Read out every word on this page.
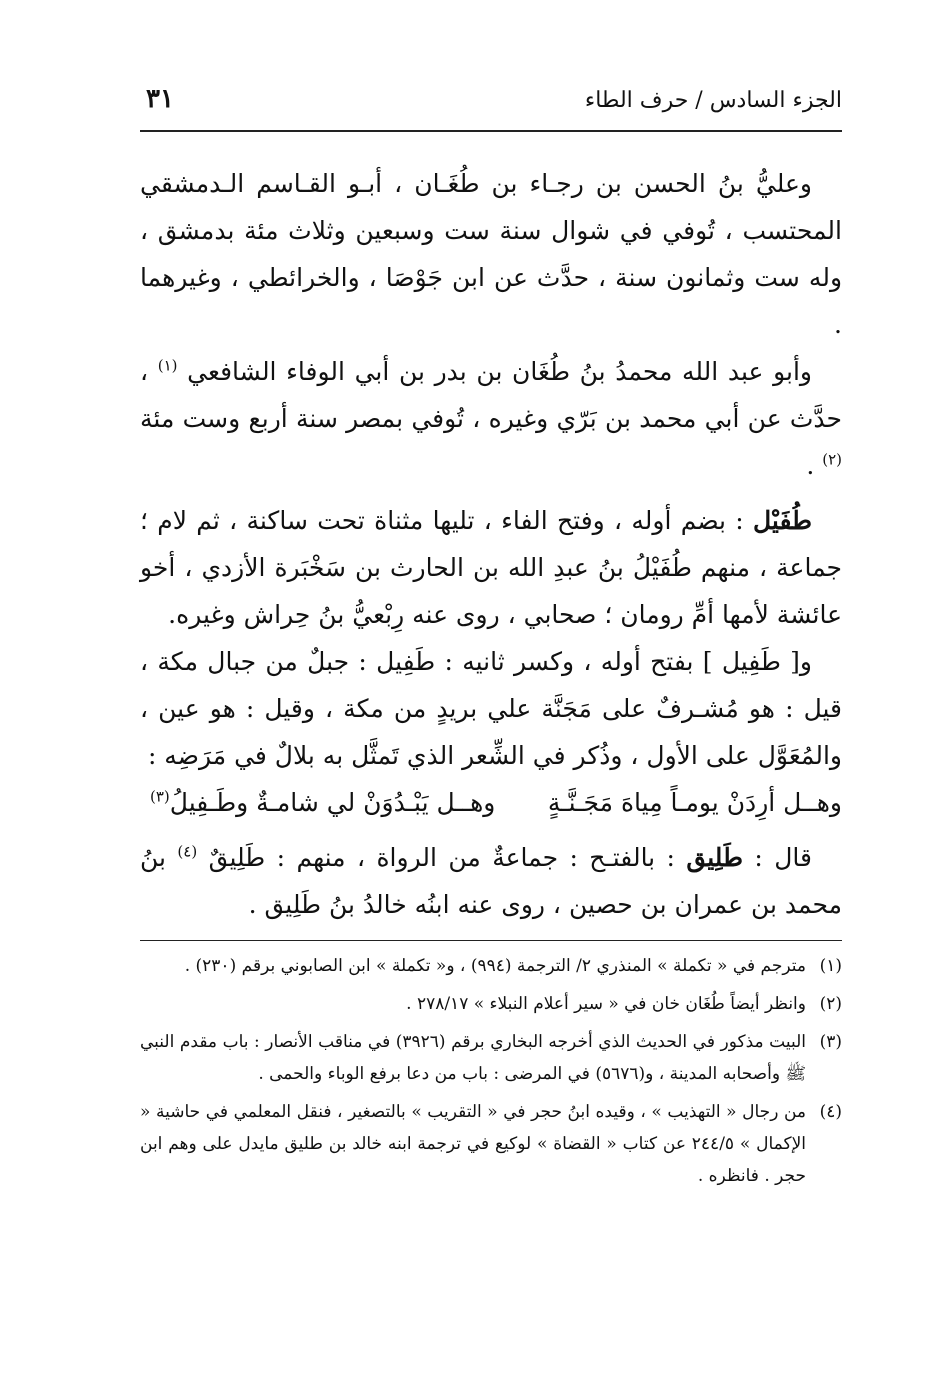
الجزء السادس / حرف الطاء
٣١

وعليُّ بنُ الحسن بن رجـاء بن طُغَـان ، أبـو القـاسم الـدمشقي المحتسب ، تُوفي في شوال سنة ست وسبعين وثلاث مئة بدمشق ، وله ست وثمانون سنة ، حدَّث عن ابن جَوْصَا ، والخرائطي ، وغيرهما .

وأبو عبد الله محمدُ بنُ طُغَان بن بدر بن أبي الوفاء الشافعي $^{(١)}$ ، حدَّث عن أبي محمد بن بَرّي وغيره ، تُوفي بمصر سنة أربع وست مئة $^{(٢)}$ .

طُفَيْل : بضم أوله ، وفتح الفاء ، تليها مثناة تحت ساكنة ، ثم لام ؛ جماعة ، منهم طُفَيْلُ بنُ عبدِ الله بن الحارث بن سَخْبَرة الأزدي ، أخو عائشة لأمها أمِّ رومان ؛ صحابي ، روى عنه رِبْعيُّ بنُ حِراش وغيره.

و[ طَفِيل ] بفتح أوله ، وكسر ثانيه : طَفِيل : جبلٌ من جبال مكة ، قيل : هو مُشـرفٌ على مَجَنَّة علي بريدٍ من مكة ، وقيل : هو عين ، والمُعَوَّل على الأول ، وذُكر في الشِّعر الذي تَمثَّل به بلالٌ في مَرَضِه :

وهــل أرِدَنْ يومـاً مِياهَ مَجَـنَّـةٍ
وهــل يَبْـدُوَنْ لي شامـةٌ وطَـفِيلُ$^{(٣)}$

قال : طَلِيق : بالفتـح : جماعةٌ من الرواة ، منهم : طَلِيقٌ $^{(٤)}$ بنُ محمد بن عمران بن حصين ، روى عنه ابنُه خالدُ بنُ طَلِيق .

(١)
مترجم في « تكملة » المنذري ٢/ الترجمة (٩٩٤) ، و« تكملة » ابن الصابوني برقم (٢٣٠) .
(٢)
وانظر أيضاً طُغَان خان في « سير أعلام النبلاء » ٢٧٨/١٧ .
(٣)
البيت مذكور في الحديث الذي أخرجه البخاري برقم (٣٩٢٦) في مناقب الأنصار : باب مقدم النبي ﷺ وأصحابه المدينة ، و(٥٦٧٦) في المرضى : باب من دعا برفع الوباء والحمى .
(٤)
من رجال « التهذيب » ، وقيده ابنُ حجر في « التقريب » بالتصغير ، فنقل المعلمي في حاشية « الإكمال » ٢٤٤/٥ عن كتاب « القضاة » لوكيع في ترجمة ابنه خالد بن طليق مايدل على وهم ابن حجر . فانظره .
